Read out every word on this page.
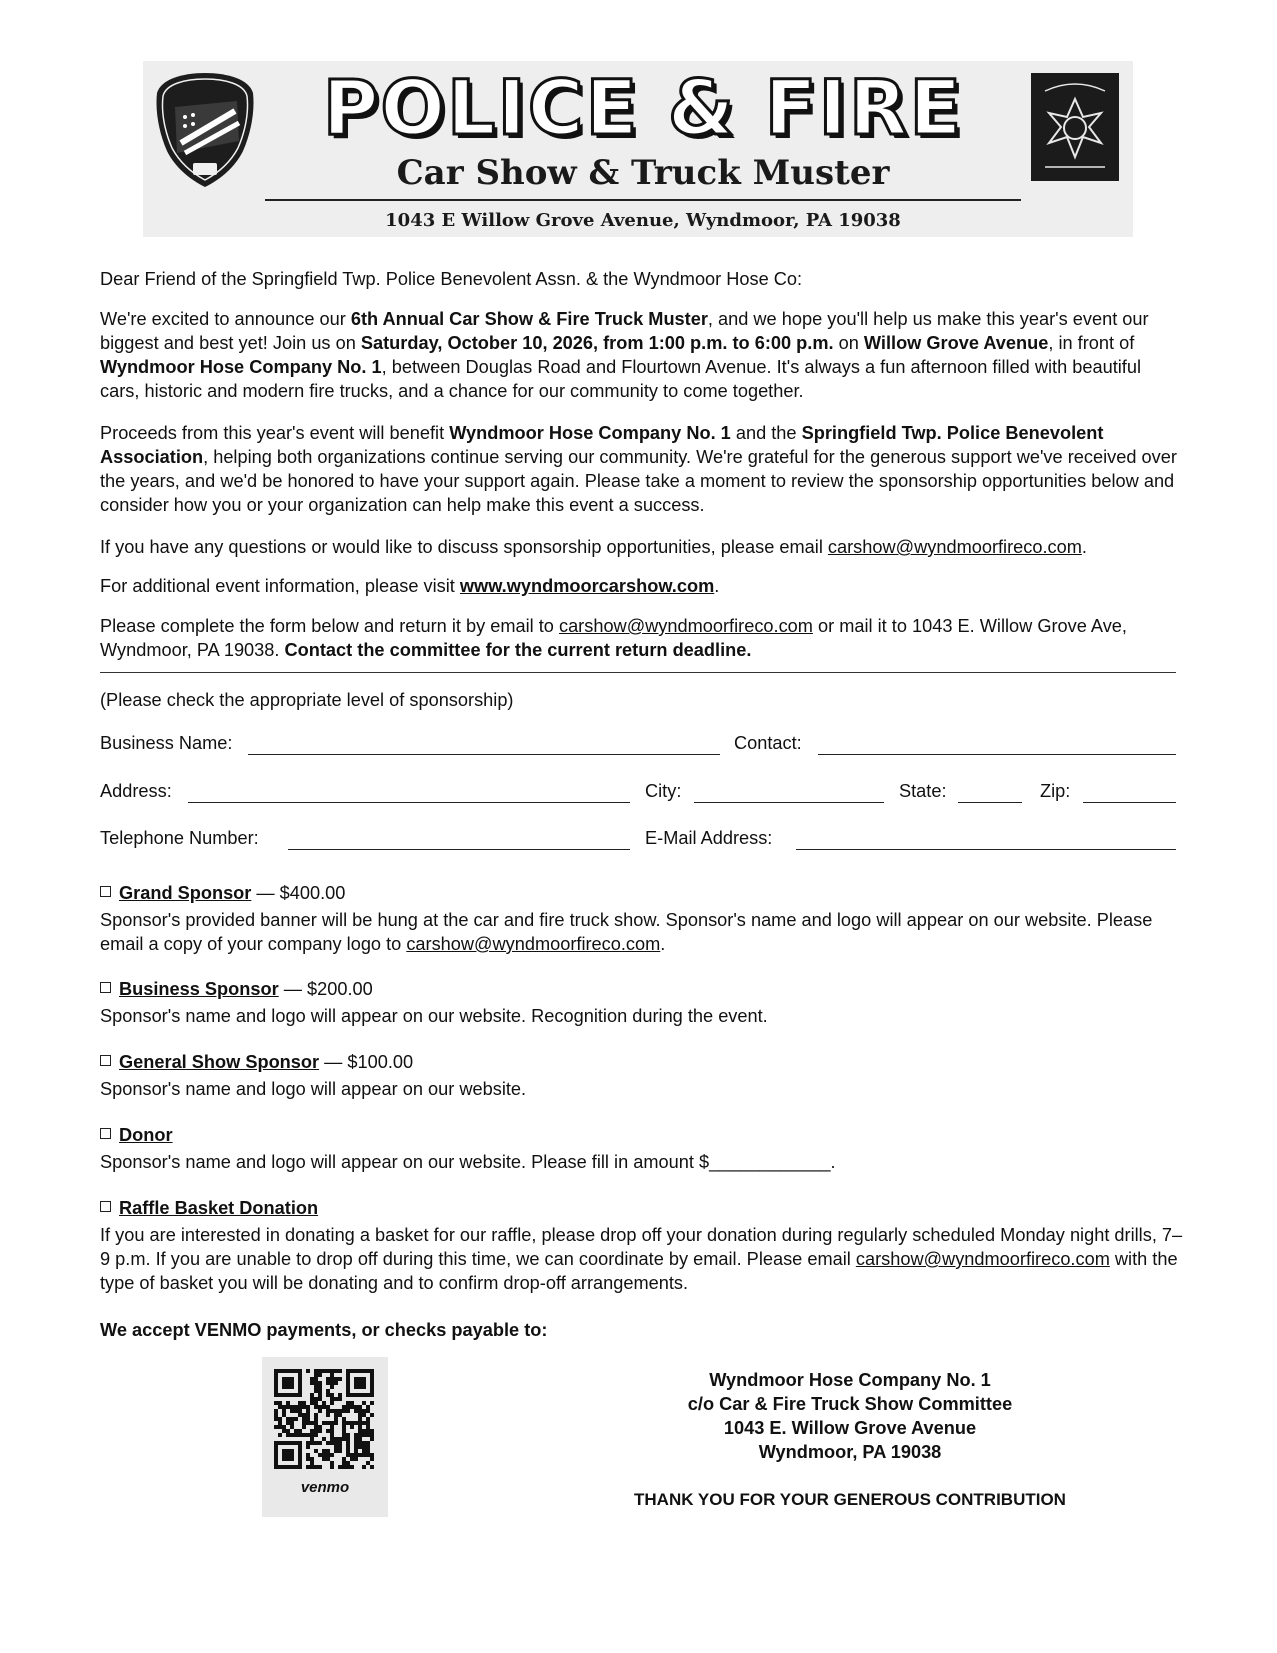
POLICE & FIRE
Car Show & Truck Muster
1043 E Willow Grove Avenue, Wyndmoor, PA 19038

Dear Friend of the Springfield Twp. Police Benevolent Assn. & the Wyndmoor Hose Co:

We're excited to announce our 6th Annual Car Show & Fire Truck Muster, and we hope you'll help us make this year's event our biggest and best yet! Join us on Saturday, October 10, 2026, from 1:00 p.m. to 6:00 p.m. on Willow Grove Avenue, in front of Wyndmoor Hose Company No. 1, between Douglas Road and Flourtown Avenue. It's always a fun afternoon filled with beautiful cars, historic and modern fire trucks, and a chance for our community to come together.

Proceeds from this year's event will benefit Wyndmoor Hose Company No. 1 and the Springfield Twp. Police Benevolent Association, helping both organizations continue serving our community. We're grateful for the generous support we've received over the years, and we'd be honored to have your support again. Please take a moment to review the sponsorship opportunities below and consider how you or your organization can help make this event a success.

If you have any questions or would like to discuss sponsorship opportunities, please email carshow@wyndmoorfireco.com.

For additional event information, please visit www.wyndmoorcarshow.com.

Please complete the form below and return it by email to carshow@wyndmoorfireco.com or mail it to 1043 E. Willow Grove Ave, Wyndmoor, PA 19038. Contact the committee for the current return deadline.

(Please check the appropriate level of sponsorship)
Business Name:	Contact:
Address:	City:	State:	Zip:
Telephone Number:	E-Mail Address:
Grand Sponsor — $400.00

Sponsor's provided banner will be hung at the car and fire truck show. Sponsor's name and logo will appear on our website. Please email a copy of your company logo to carshow@wyndmoorfireco.com.

Business Sponsor — $200.00

Sponsor's name and logo will appear on our website. Recognition during the event.

General Show Sponsor — $100.00

Sponsor's name and logo will appear on our website.

Donor

Sponsor's name and logo will appear on our website. Please fill in amount $____________.

Raffle Basket Donation

If you are interested in donating a basket for our raffle, please drop off your donation during regularly scheduled Monday night drills, 7–9 p.m. If you are unable to drop off during this time, we can coordinate by email. Please email carshow@wyndmoorfireco.com with the type of basket you will be donating and to confirm drop-off arrangements.

We accept VENMO payments, or checks payable to:
venmo
Wyndmoor Hose Company No. 1
c/o Car & Fire Truck Show Committee
1043 E. Willow Grove Avenue
Wyndmoor, PA 19038
THANK YOU FOR YOUR GENEROUS CONTRIBUTION
